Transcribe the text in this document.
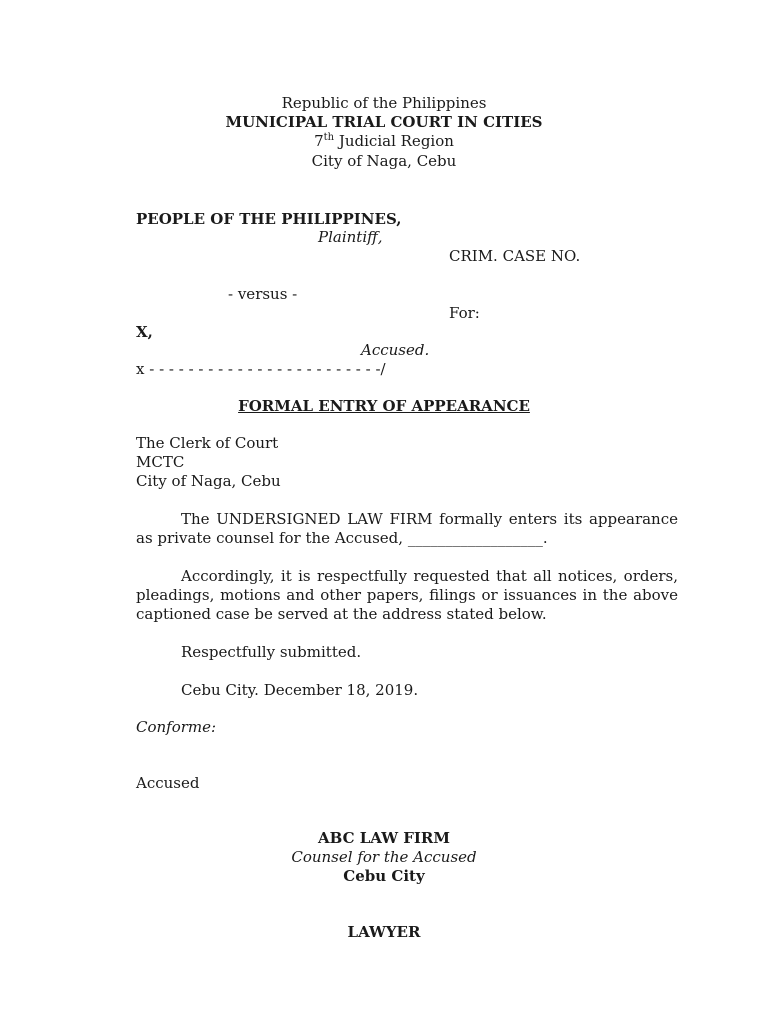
Republic of the Philippines
MUNICIPAL TRIAL COURT IN CITIES
7th Judicial Region
City of Naga, Cebu
PEOPLE OF THE PHILIPPINES,
Plaintiff,
CRIM. CASE NO.
- versus -
For:
X,
Accused.
x - - - - - - - - - - - - - - - - - - - - - - - -/
FORMAL ENTRY OF APPEARANCE
The Clerk of Court
MCTC
City of Naga, Cebu
The UNDERSIGNED LAW FIRM formally enters its appearance
as private counsel for the Accused, __________________.
Accordingly, it is respectfully requested that all notices, orders,
pleadings, motions and other papers, filings or issuances in the above
captioned case be served at the address stated below.
Respectfully submitted.
Cebu City. December 18, 2019.
Conforme:
Accused
ABC LAW FIRM
Counsel for the Accused
Cebu City
LAWYER
